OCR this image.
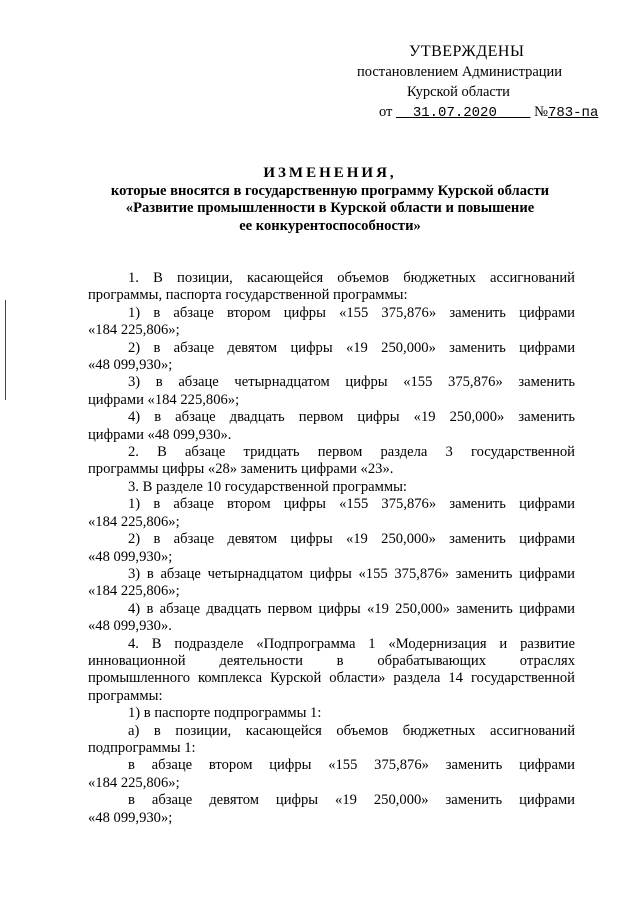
УТВЕРЖДЕНЫ
постановлением Администрации
Курской области
от 31.07.2020	№783-па
ИЗМЕНЕНИЯ,
которые вносятся в государственную программу Курской области
«Развитие промышленности в Курской области и повышение
ее конкурентоспособности»
1. В позиции, касающейся объемов бюджетных ассигнований
программы, паспорта государственной программы:
1) в абзаце втором цифры «155 375,876» заменить цифрами
«184 225,806»;
2) в абзаце девятом цифры «19 250,000» заменить цифрами
«48 099,930»;
3) в абзаце четырнадцатом цифры «155 375,876» заменить
цифрами «184 225,806»;
4) в абзаце двадцать первом цифры «19 250,000» заменить
цифрами «48 099,930».
2. В абзаце тридцать первом раздела 3 государственной
программы цифры «28» заменить цифрами «23».
3. В разделе 10 государственной программы:
1) в абзаце втором цифры «155 375,876» заменить цифрами
«184 225,806»;
2) в абзаце девятом цифры «19 250,000» заменить цифрами
«48 099,930»;
3) в абзаце четырнадцатом цифры «155 375,876» заменить цифрами
«184 225,806»;
4) в абзаце двадцать первом цифры «19 250,000» заменить цифрами
«48 099,930».
4. В подразделе «Подпрограмма 1 «Модернизация и развитие
инновационной деятельности в обрабатывающих отраслях
промышленного комплекса Курской области» раздела 14 государственной
программы:
1) в паспорте подпрограммы 1:
а) в позиции, касающейся объемов бюджетных ассигнований
подпрограммы 1:
в абзаце втором цифры «155 375,876» заменить цифрами
«184 225,806»;
в абзаце девятом цифры «19 250,000» заменить цифрами
«48 099,930»;
